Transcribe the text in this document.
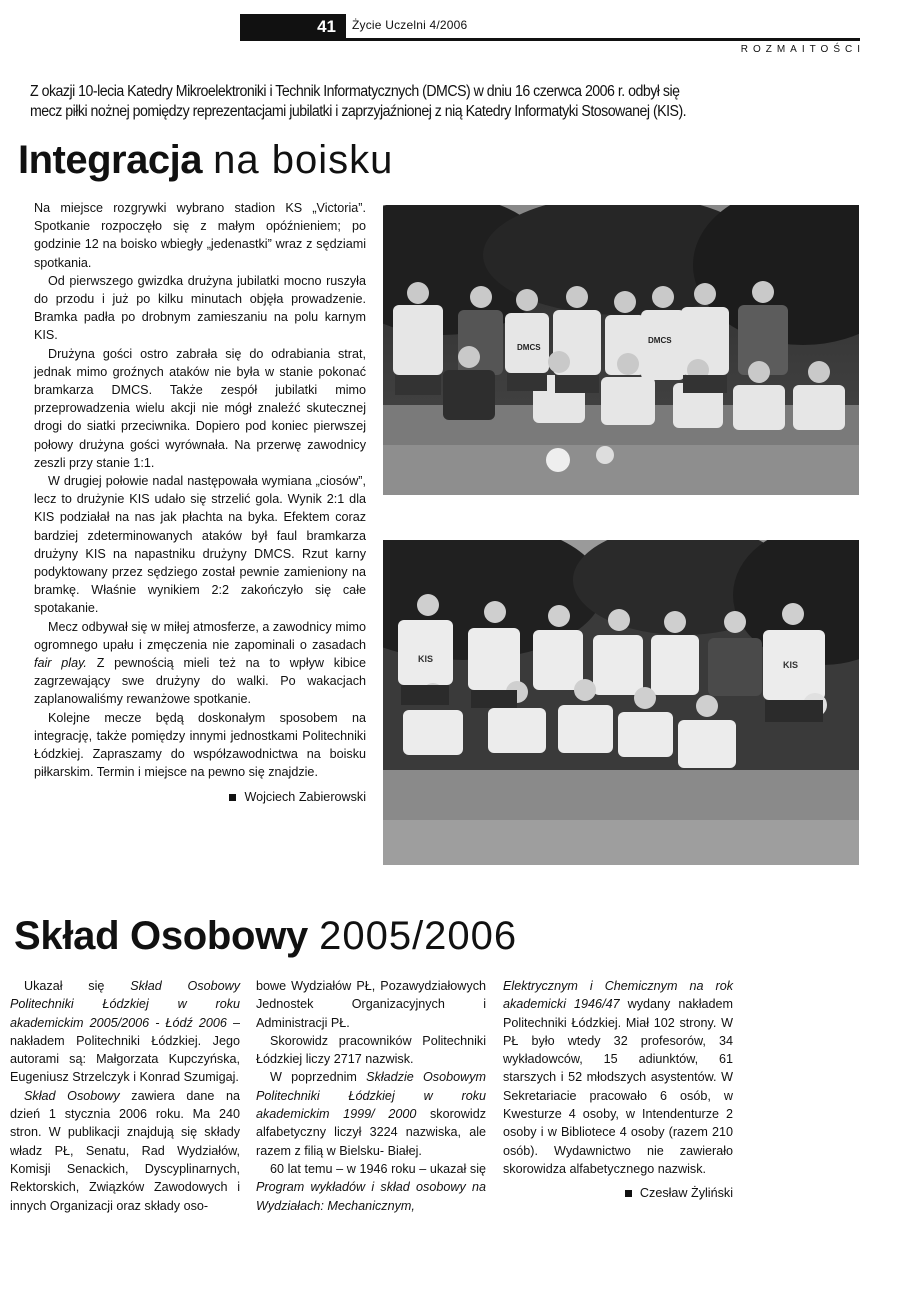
41	Życie Uczelni 4/2006
ROZMAITOŚCI
Z okazji 10-lecia Katedry Mikroelektroniki i Technik Informatycznych (DMCS) w dniu 16 czerwca 2006 r. odbył się mecz piłki nożnej pomiędzy reprezentacjami jubilatki i zaprzyjaźnionej z nią Katedry Informatyki Stosowanej (KIS).
Integracja na boisku

Na miejsce rozgrywki wybrano stadion KS „Victoria”. Spotkanie rozpoczęło się z małym opóźnieniem; po godzinie 12 na boisko wbiegły „jedenastki” wraz z sędziami spotkania.

Od pierwszego gwizdka drużyna jubilatki mocno ruszyła do przodu i już po kilku minutach objęła prowadzenie. Bramka padła po drobnym zamieszaniu na polu karnym KIS.

Drużyna gości ostro zabrała się do odrabiania strat, jednak mimo groźnych ataków nie była w stanie pokonać bramkarza DMCS. Także zespół jubilatki mimo przeprowadzenia wielu akcji nie mógł znaleźć skutecznej drogi do siatki przeciwnika. Dopiero pod koniec pierwszej połowy drużyna gości wyrównała. Na przerwę zawodnicy zeszli przy stanie 1:1.

W drugiej połowie nadal następowała wymiana „ciosów”, lecz to drużynie KIS udało się strzelić gola. Wynik 2:1 dla KIS podziałał na nas jak płachta na byka. Efektem coraz bardziej zdeterminowanych ataków był faul bramkarza drużyny KIS na napastniku drużyny DMCS. Rzut karny podyktowany przez sędziego został pewnie zamieniony na bramkę. Właśnie wynikiem 2:2 zakończyło się całe spotakanie.

Mecz odbywał się w miłej atmosferze, a zawodnicy mimo ogromnego upału i zmęczenia nie zapominali o zasadach fair play. Z pewnością mieli też na to wpływ kibice zagrzewający swe drużyny do walki. Po wakacjach zaplanowaliśmy rewanżowe spotkanie.

Kolejne mecze będą doskonałym sposobem na integrację, także pomiędzy innymi jednostkami Politechniki Łódzkiej. Zapraszamy do współzawodnictwa na boisku piłkarskim. Termin i miejsce na pewno się znajdzie.

Wojciech Zabierowski

DMCS
DMCS
KIS
KIS
Skład Osobowy 2005/2006

Ukazał się Skład Osobowy Politechniki Łódzkiej w roku akademickim 2005/2006 - Łódź 2006 – nakładem Politechniki Łódzkiej. Jego autorami są: Małgorzata Kupczyńska, Eugeniusz Strzelczyk i Konrad Szumigaj.

Skład Osobowy zawiera dane na dzień 1 stycznia 2006 roku. Ma 240 stron. W publikacji znajdują się składy władz PŁ, Senatu, Rad Wydziałów, Komisji Senackich, Dyscyplinarnych, Rektorskich, Związków Zawodowych i innych Organizacji oraz składy oso-

bowe Wydziałów PŁ, Pozawydziałowych Jednostek Organizacyjnych i Administracji PŁ.

Skorowidz pracowników Politechniki Łódzkiej liczy 2717 nazwisk.

W poprzednim Składzie Osobowym Politechniki Łódzkiej w roku akademickim 1999/ 2000 skorowidz alfabetyczny liczył 3224 nazwiska, ale razem z filią w Bielsku- Białej.

60 lat temu – w 1946 roku – ukazał się Program wykładów i skład osobowy na Wydziałach: Mechanicznym,

Elektrycznym i Chemicznym na rok akademicki 1946/47 wydany nakładem Politechniki Łódzkiej. Miał 102 strony. W PŁ było wtedy 32 profesorów, 34 wykładowców, 15 adiunktów, 61 starszych i 52 młodszych asystentów. W Sekretariacie pracowało 6 osób, w Kwesturze 4 osoby, w Intendenturze 2 osoby i w Bibliotece 4 osoby (razem 210 osób). Wydawnictwo nie zawierało skorowidza alfabetycznego nazwisk.

Czesław Żyliński
